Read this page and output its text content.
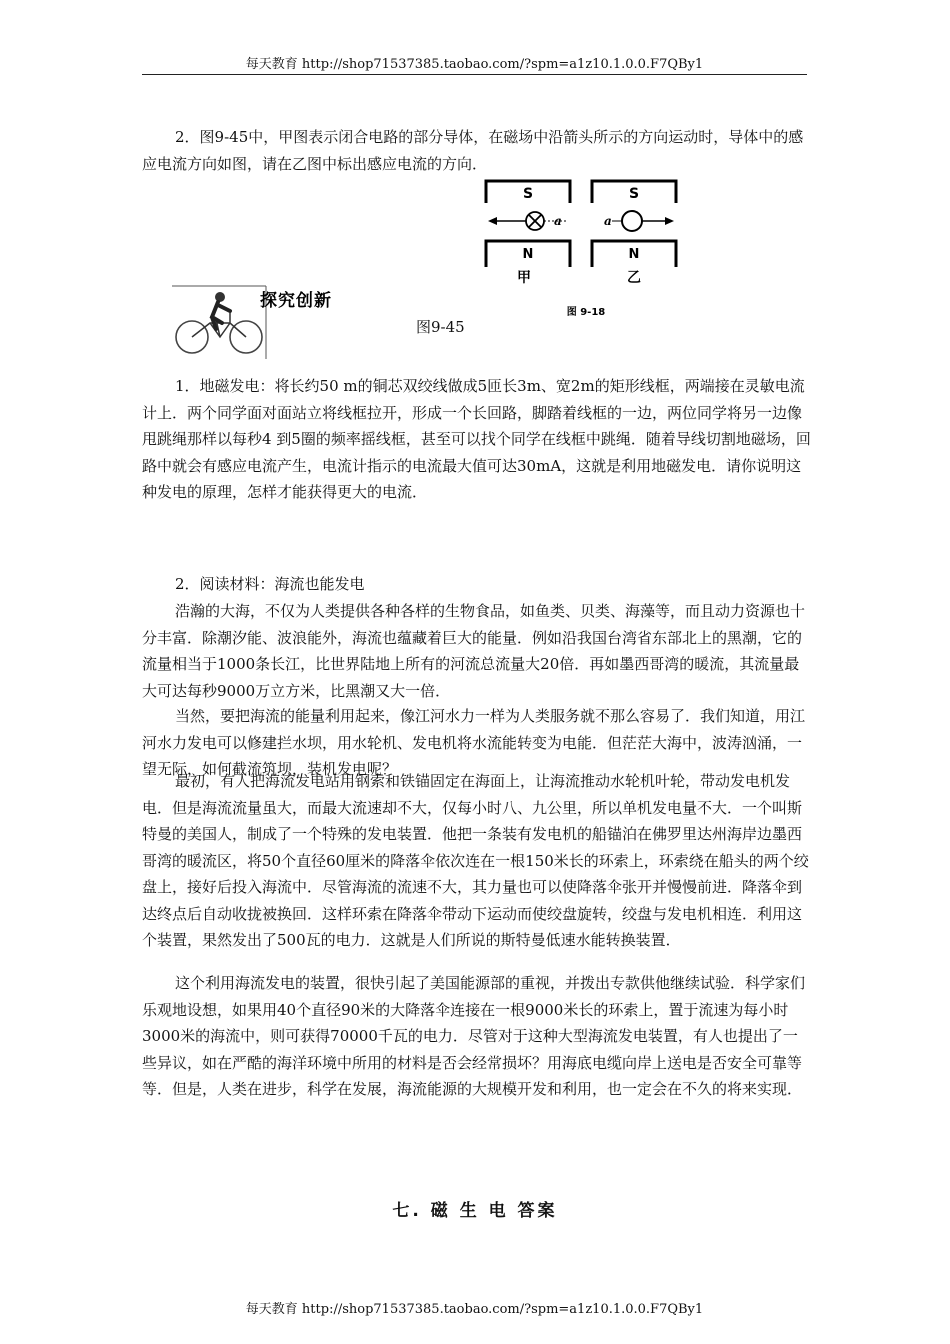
每天教育 http://shop71537385.taobao.com/?spm=a1z10.1.0.0.F7QBy1

2．图9-45中，甲图表示闭合电路的部分导体，在磁场中沿箭头所示的方向运动时，导体中的感应电流方向如图，请在乙图中标出感应电流的方向．

S	S
N	N
a	a
甲	乙
图 9-18
探究创新
图9-45

1．地磁发电：将长约50 m的铜芯双绞线做成5匝长3m、宽2m的矩形线框，两端接在灵敏电流计上．两个同学面对面站立将线框拉开，形成一个长回路，脚踏着线框的一边，两位同学将另一边像甩跳绳那样以每秒4 到5圈的频率摇线框，甚至可以找个同学在线框中跳绳．随着导线切割地磁场，回路中就会有感应电流产生，电流计指示的电流最大值可达30mA，这就是利用地磁发电．请你说明这种发电的原理，怎样才能获得更大的电流．

2．阅读材料：海流也能发电

浩瀚的大海，不仅为人类提供各种各样的生物食品，如鱼类、贝类、海藻等，而且动力资源也十分丰富．除潮汐能、波浪能外，海流也蕴藏着巨大的能量．例如沿我国台湾省东部北上的黑潮，它的流量相当于1000条长江，比世界陆地上所有的河流总流量大20倍．再如墨西哥湾的暖流，其流量最大可达每秒9000万立方米，比黑潮又大一倍．

当然，要把海流的能量利用起来，像江河水力一样为人类服务就不那么容易了．我们知道，用江河水力发电可以修建拦水坝，用水轮机、发电机将水流能转变为电能．但茫茫大海中，波涛汹涌，一望无际，如何截流筑坝，装机发电呢？

最初，有人把海流发电站用钢索和铁锚固定在海面上，让海流推动水轮机叶轮，带动发电机发电．但是海流流量虽大，而最大流速却不大，仅每小时八、九公里，所以单机发电量不大．一个叫斯特曼的美国人，制成了一个特殊的发电装置．他把一条装有发电机的船锚泊在佛罗里达州海岸边墨西哥湾的暖流区，将50个直径60厘米的降落伞依次连在一根150米长的环索上，环索绕在船头的两个绞盘上，接好后投入海流中．尽管海流的流速不大，其力量也可以使降落伞张开并慢慢前进．降落伞到达终点后自动收拢被换回．这样环索在降落伞带动下运动而使绞盘旋转，绞盘与发电机相连．利用这个装置，果然发出了500瓦的电力．这就是人们所说的斯特曼低速水能转换装置．

这个利用海流发电的装置，很快引起了美国能源部的重视，并拨出专款供他继续试验．科学家们乐观地设想，如果用40个直径90米的大降落伞连接在一根9000米长的环索上，置于流速为每小时3000米的海流中，则可获得70000千瓦的电力．尽管对于这种大型海流发电装置，有人也提出了一些异议，如在严酷的海洋环境中所用的材料是否会经常损坏？用海底电缆向岸上送电是否安全可靠等等．但是，人类在进步，科学在发展，海流能源的大规模开发和利用，也一定会在不久的将来实现．

七. 磁 生 电 答案
每天教育 http://shop71537385.taobao.com/?spm=a1z10.1.0.0.F7QBy1
